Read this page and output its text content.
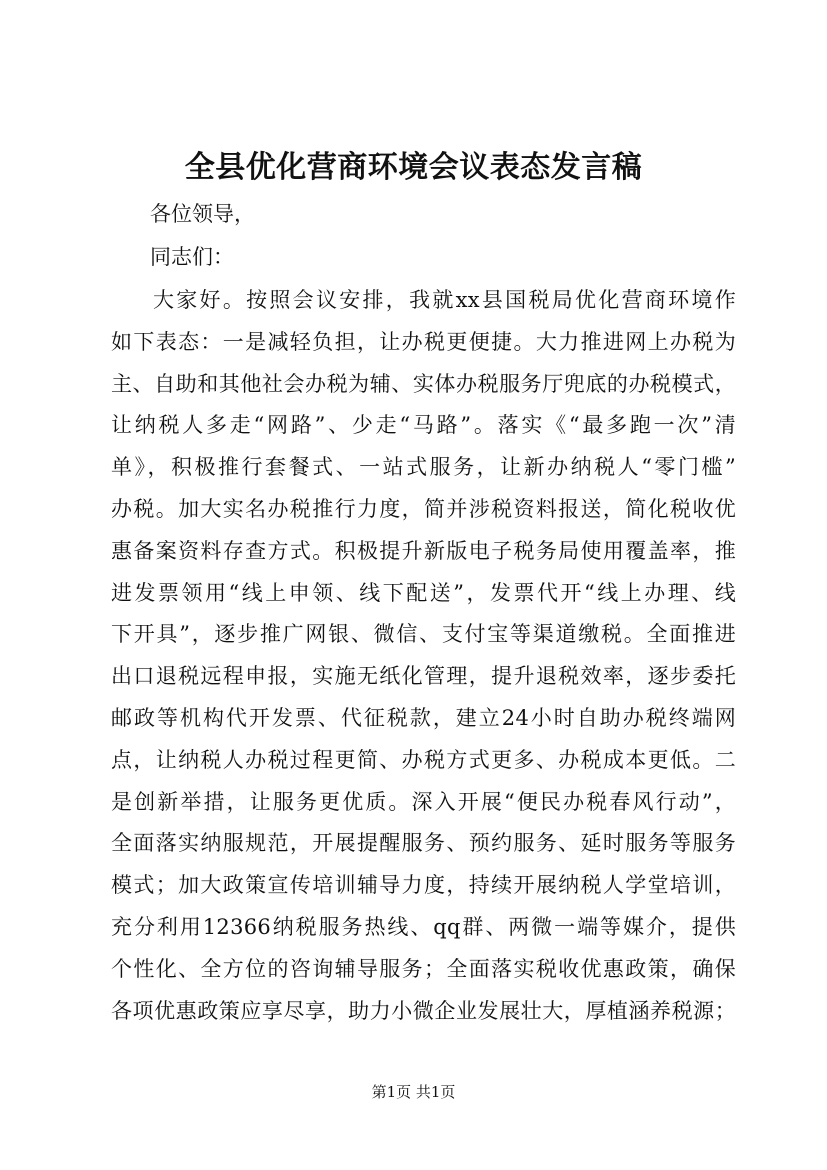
全县优化营商环境会议表态发言稿

各位领导，

同志们：

大家好。按照会议安排，我就xx县国税局优化营商环境作
如下表态：一是减轻负担，让办税更便捷。大力推进网上办税为
主、自助和其他社会办税为辅、实体办税服务厅兜底的办税模式，
让纳税人多走“网路”、少走“马路”。落实《“最多跑一次”清
单》，积极推行套餐式、一站式服务，让新办纳税人“零门槛”
办税。加大实名办税推行力度，简并涉税资料报送，简化税收优
惠备案资料存查方式。积极提升新版电子税务局使用覆盖率，推
进发票领用“线上申领、线下配送”，发票代开“线上办理、线
下开具”，逐步推广网银、微信、支付宝等渠道缴税。全面推进
出口退税远程申报，实施无纸化管理，提升退税效率，逐步委托
邮政等机构代开发票、代征税款，建立24小时自助办税终端网
点，让纳税人办税过程更简、办税方式更多、办税成本更低。二
是创新举措，让服务更优质。深入开展“便民办税春风行动”，
全面落实纳服规范，开展提醒服务、预约服务、延时服务等服务
模式；加大政策宣传培训辅导力度，持续开展纳税人学堂培训，
充分利用12366纳税服务热线、qq群、两微一端等媒介，提供
个性化、全方位的咨询辅导服务；全面落实税收优惠政策，确保
各项优惠政策应享尽享，助力小微企业发展壮大，厚植涵养税源；

第1页 共1页
